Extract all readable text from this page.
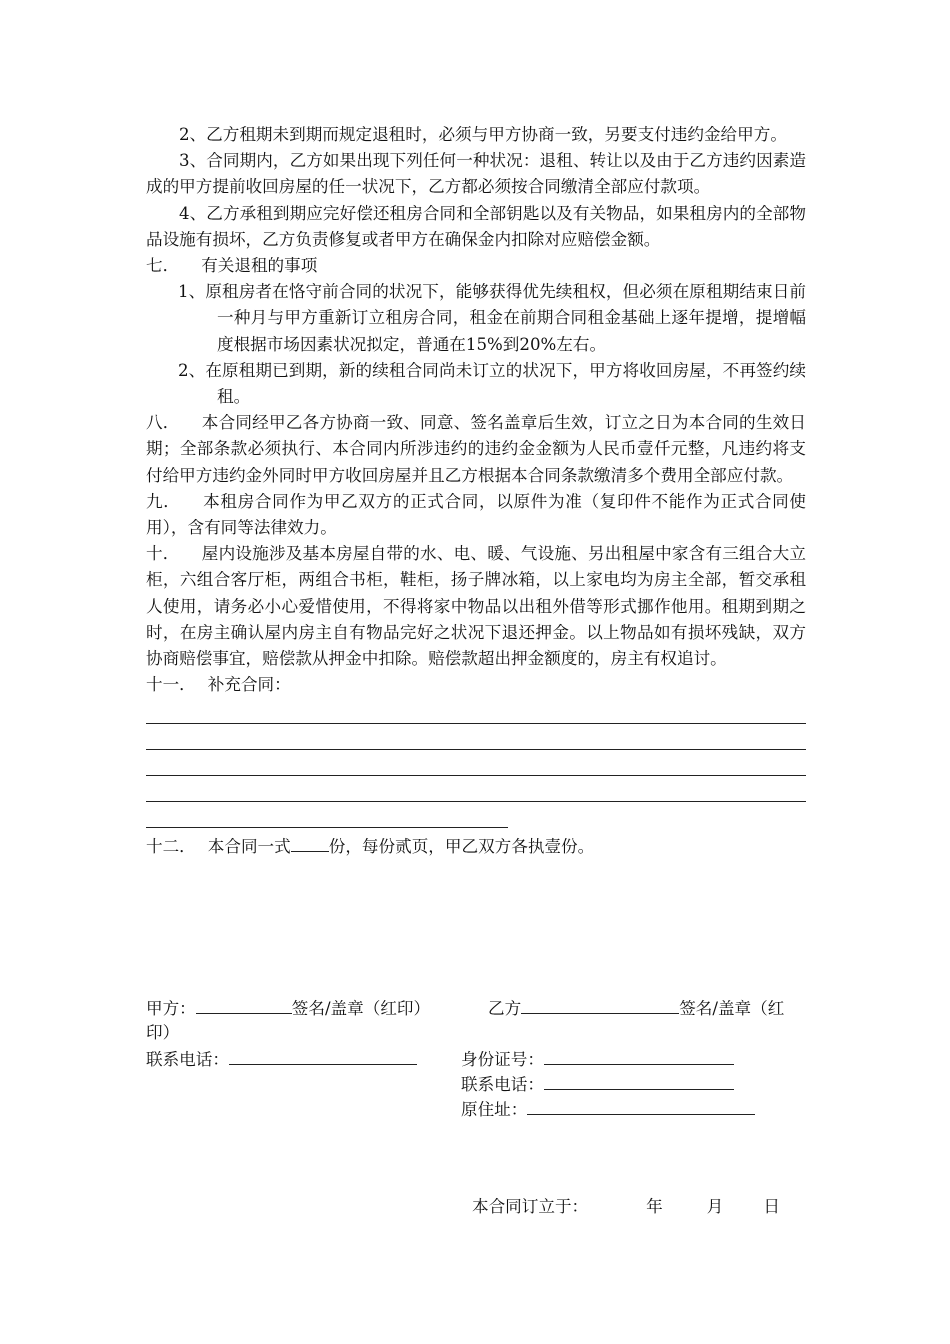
2、乙方租期未到期而规定退租时，必须与甲方协商一致，另要支付违约金给甲方。

3、合同期内，乙方如果出现下列任何一种状况：退租、转让以及由于乙方违约因素造成的甲方提前收回房屋的任一状况下，乙方都必须按合同缴清全部应付款项。

4、乙方承租到期应完好偿还租房合同和全部钥匙以及有关物品，如果租房内的全部物品设施有损坏，乙方负责修复或者甲方在确保金内扣除对应赔偿金额。

七． 有关退租的事项

1、原租房者在恪守前合同的状况下，能够获得优先续租权，但必须在原租期结束日前一种月与甲方重新订立租房合同，租金在前期合同租金基础上逐年提增，提增幅度根据市场因素状况拟定，普通在15%到20%左右。

2、在原租期已到期，新的续租合同尚未订立的状况下，甲方将收回房屋，不再签约续租。

八． 本合同经甲乙各方协商一致、同意、签名盖章后生效，订立之日为本合同的生效日期；全部条款必须执行、本合同内所涉违约的违约金金额为人民币壹仟元整，凡违约将支付给甲方违约金外同时甲方收回房屋并且乙方根据本合同条款缴清多个费用全部应付款。

九． 本租房合同作为甲乙双方的正式合同，以原件为准（复印件不能作为正式合同使用），含有同等法律效力。

十． 屋内设施涉及基本房屋自带的水、电、暖、气设施、另出租屋中家含有三组合大立柜，六组合客厅柜，两组合书柜，鞋柜，扬子牌冰箱，以上家电均为房主全部，暂交承租人使用，请务必小心爱惜使用，不得将家中物品以出租外借等形式挪作他用。租期到期之时，在房主确认屋内房主自有物品完好之状况下退还押金。以上物品如有损坏残缺，双方协商赔偿事宜，赔偿款从押金中扣除。赔偿款超出押金额度的，房主有权追讨。

十一． 补充合同：

十二． 本合同一式 份，每份贰页，甲乙双方各执壹份。

甲方：	签名/盖章（红印）	乙方	签名/盖章（红
印）
联系电话：	身份证号：
联系电话：
原住址：
本合同订立于：	年	月 日
